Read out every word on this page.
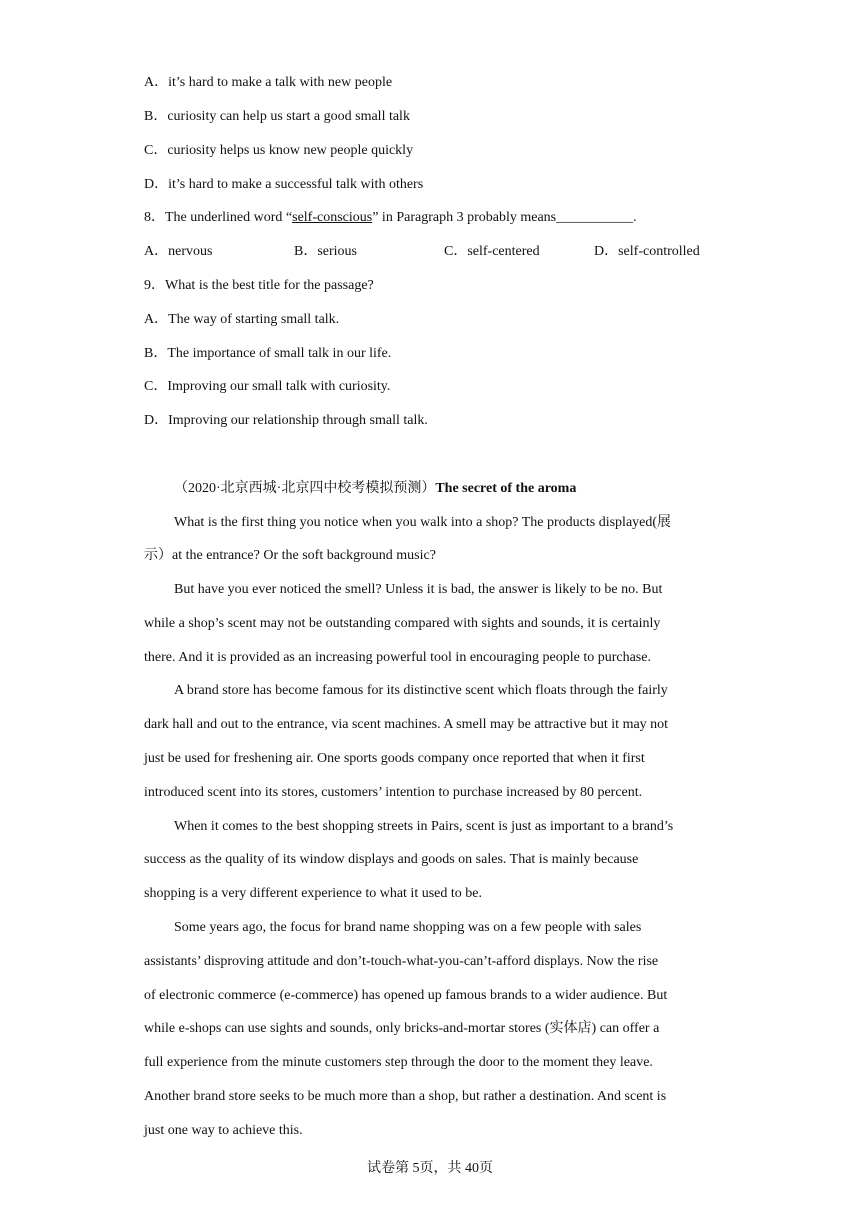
A．it’s hard to make a talk with new people
B．curiosity can help us start a good small talk
C．curiosity helps us know new people quickly
D．it’s hard to make a successful talk with others
8．The underlined word “self-conscious” in Paragraph 3 probably means___________.
A．nervous	B．serious	C．self-centered	D．self-controlled
9．What is the best title for the passage?
A．The way of starting small talk.
B．The importance of small talk in our life.
C．Improving our small talk with curiosity.
D．Improving our relationship through small talk.
（2020·北京西城·北京四中校考模拟预测）The secret of the aroma
What is the first thing you notice when you walk into a shop? The products displayed(展
示）at the entrance? Or the soft background music?
But have you ever noticed the smell? Unless it is bad, the answer is likely to be no. But
while a shop’s scent may not be outstanding compared with sights and sounds, it is certainly
there. And it is provided as an increasing powerful tool in encouraging people to purchase.
A brand store has become famous for its distinctive scent which floats through the fairly
dark hall and out to the entrance, via scent machines. A smell may be attractive but it may not
just be used for freshening air. One sports goods company once reported that when it first
introduced scent into its stores, customers’ intention to purchase increased by 80 percent.
When it comes to the best shopping streets in Pairs, scent is just as important to a brand’s
success as the quality of its window displays and goods on sales. That is mainly because
shopping is a very different experience to what it used to be.
Some years ago, the focus for brand name shopping was on a few people with sales
assistants’ disproving attitude and don’t-touch-what-you-can’t-afford displays. Now the rise
of electronic commerce (e-commerce) has opened up famous brands to a wider audience. But
while e-shops can use sights and sounds, only bricks-and-mortar stores (实体店) can offer a
full experience from the minute customers step through the door to the moment they leave.
Another brand store seeks to be much more than a shop, but rather a destination. And scent is
just one way to achieve this.
试卷第 5页，共 40页
